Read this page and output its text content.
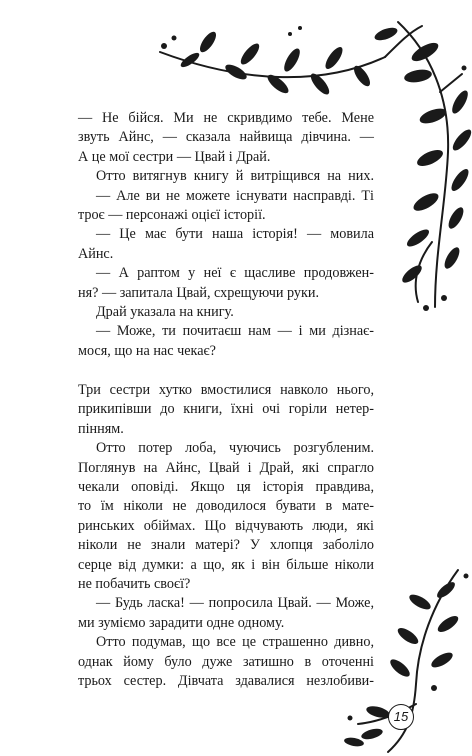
— Не бійся. Ми не скривдимо тебе. Мене

звуть Айнс, — сказала найвища дівчина. —

А це мої сестри — Цвай і Драй.

Отто витягнув книгу й витріщився на них.

— Але ви не можете існувати насправді. Ті

троє — персонажі оцієї історії.

— Це має бути наша історія! — мовила

Айнс.

— А раптом у неї є щасливе продовжен-

ня? — запитала Цвай, схрещуючи руки.

Драй указала на книгу.

— Може, ти почитаєш нам — і ми дізнає-

мося, що на нас чекає?

Три сестри хутко вмостилися навколо нього,

прикипівши до книги, їхні очі горіли нетер-

пінням.

Отто потер лоба, чуючись розгубленим.

Поглянув на Айнс, Цвай і Драй, які спрагло

чекали оповіді. Якщо ця історія правдива,

то їм ніколи не доводилося бувати в мате-

ринських обіймах. Що відчувають люди, які

ніколи не знали матері? У хлопця заболіло

серце від думки: а що, як і він більше ніколи

не побачить своєї?

— Будь ласка! — попросила Цвай. — Може,

ми зуміємо зарадити одне одному.

Отто подумав, що все це страшенно дивно,

однак йому було дуже затишно в оточенні

трьох сестер. Дівчата здавалися незлобиви-

15
